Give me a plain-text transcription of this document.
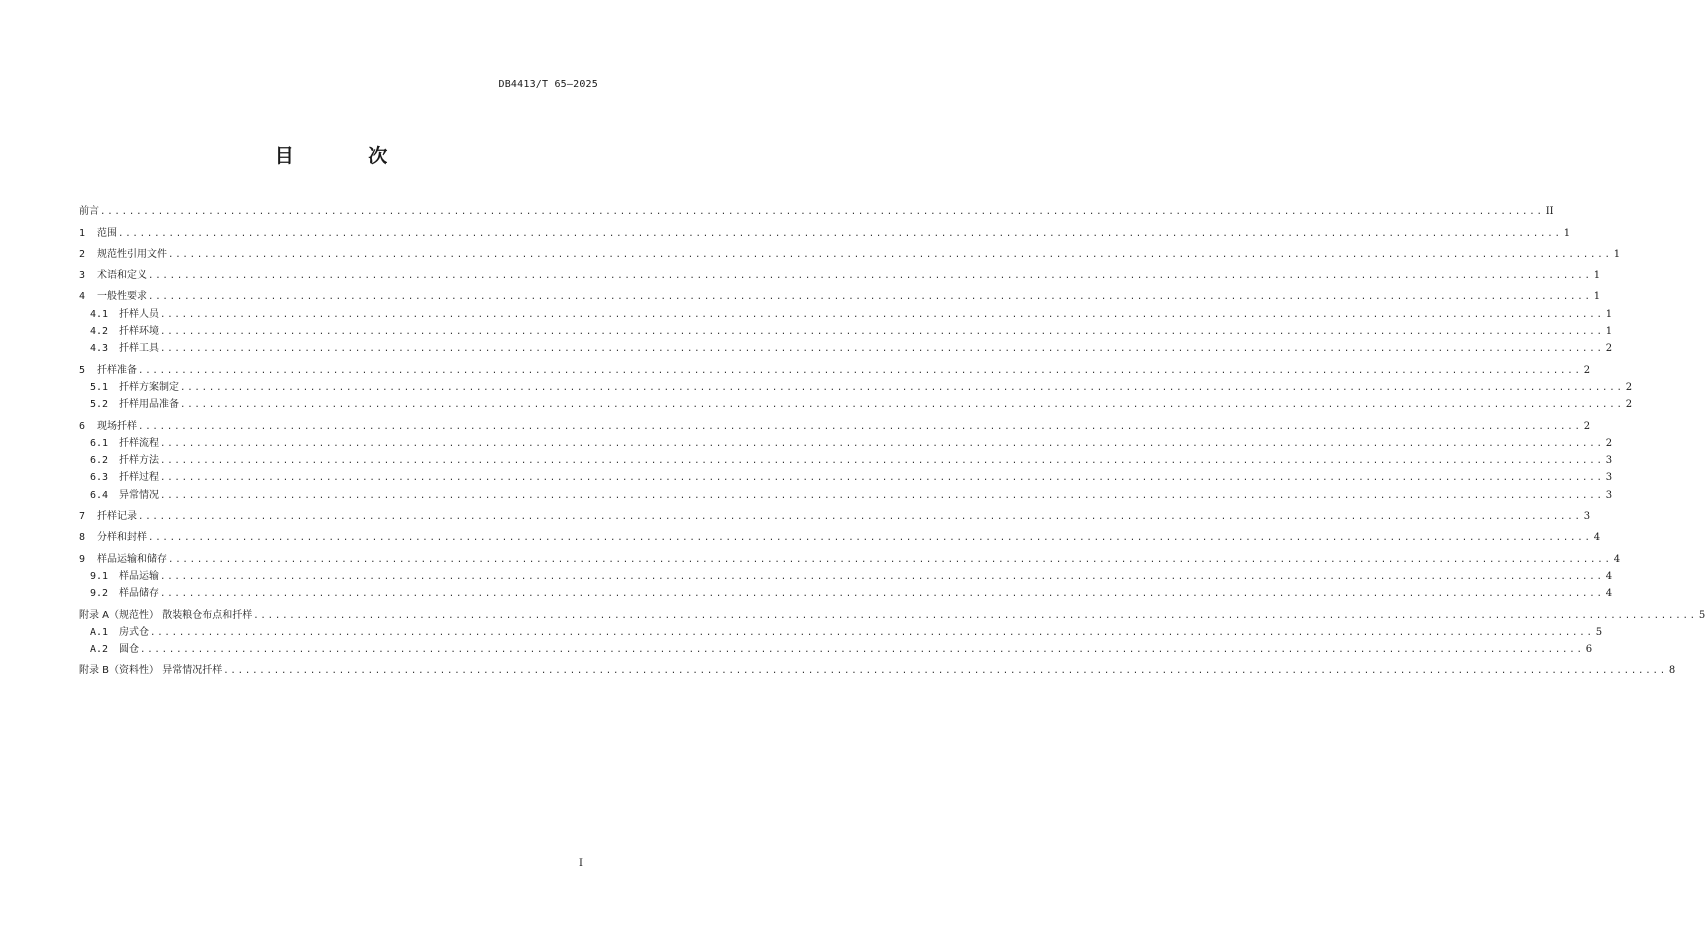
DB4413/T 65—2025
目 次
前言 ........................................................................................................................................................................................................ II
1	范围 ........................................................................................................................................................................................................ 1
2	规范性引用文件 ........................................................................................................................................................................................................ 1
3	术语和定义 ........................................................................................................................................................................................................ 1
4	一般性要求 ........................................................................................................................................................................................................ 1
4.1	扦样人员 ........................................................................................................................................................................................................ 1
4.2	扦样环境 ........................................................................................................................................................................................................ 1
4.3	扦样工具 ........................................................................................................................................................................................................ 2
5	扦样准备 ........................................................................................................................................................................................................ 2
5.1	扦样方案制定 ........................................................................................................................................................................................................ 2
5.2	扦样用品准备 ........................................................................................................................................................................................................ 2
6	现场扦样 ........................................................................................................................................................................................................ 2
6.1	扦样流程 ........................................................................................................................................................................................................ 2
6.2	扦样方法 ........................................................................................................................................................................................................ 3
6.3	扦样过程 ........................................................................................................................................................................................................ 3
6.4	异常情况 ........................................................................................................................................................................................................ 3
7	扦样记录 ........................................................................................................................................................................................................ 3
8	分样和封样 ........................................................................................................................................................................................................ 4
9	样品运输和储存 ........................................................................................................................................................................................................ 4
9.1	样品运输 ........................................................................................................................................................................................................ 4
9.2	样品储存 ........................................................................................................................................................................................................ 4
附录 A（规范性） 散装粮仓布点和扦样 ........................................................................................................................................................................................................ 5
A.1	房式仓 ........................................................................................................................................................................................................ 5
A.2	圆仓 ........................................................................................................................................................................................................ 6
附录 B（资料性） 异常情况扦样 ........................................................................................................................................................................................................ 8
I
